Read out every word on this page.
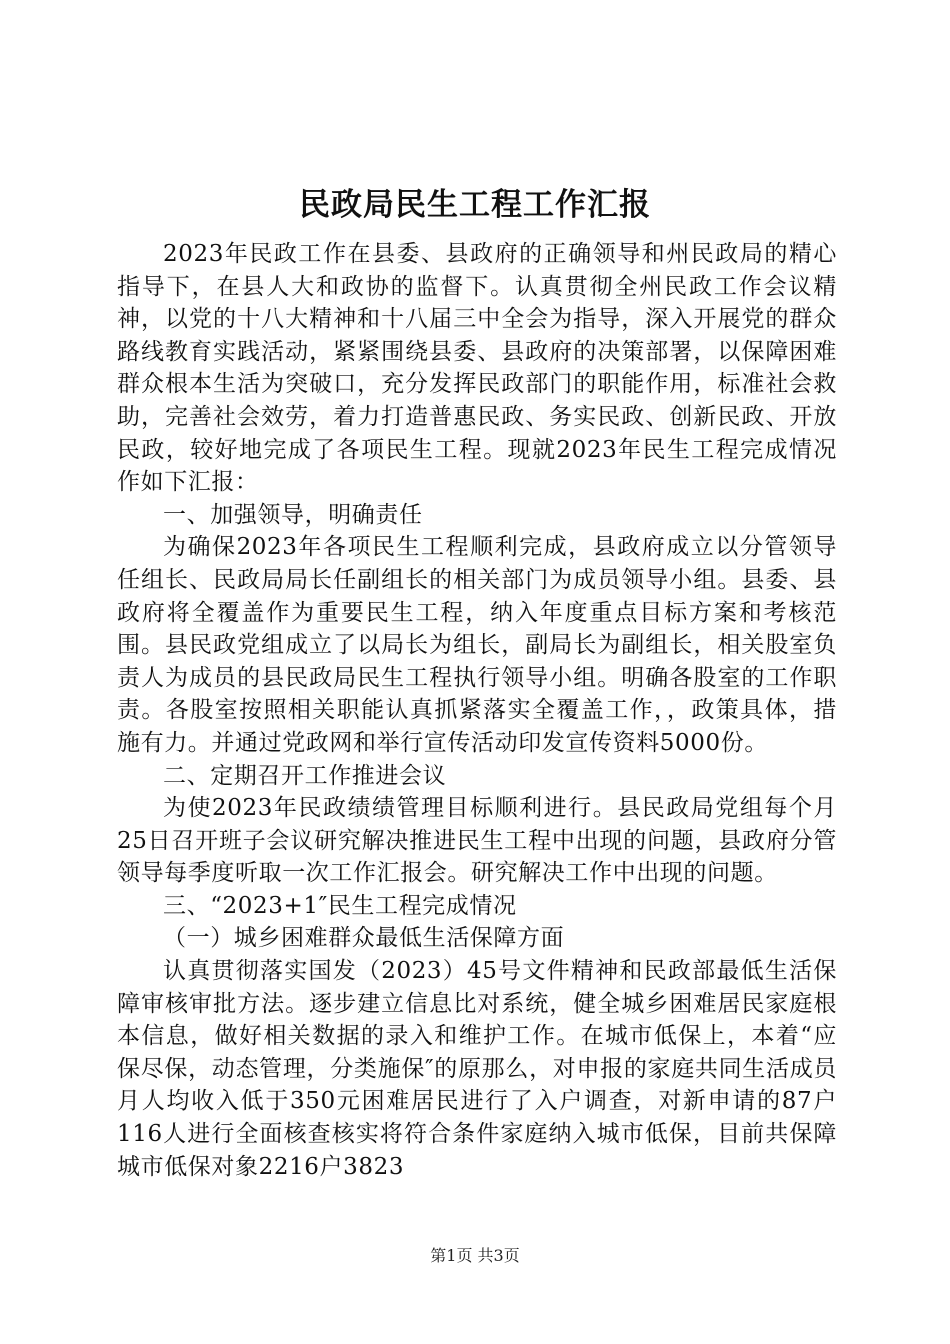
民政局民生工程工作汇报

2023年民政工作在县委、县政府的正确领导和州民政局的精心指导下，在县人大和政协的监督下。认真贯彻全州民政工作会议精神，以党的十八大精神和十八届三中全会为指导，深入开展党的群众路线教育实践活动，紧紧围绕县委、县政府的决策部署，以保障困难群众根本生活为突破口，充分发挥民政部门的职能作用，标准社会救助，完善社会效劳，着力打造普惠民政、务实民政、创新民政、开放民政，较好地完成了各项民生工程。现就2023年民生工程完成情况作如下汇报：

一、加强领导，明确责任

为确保2023年各项民生工程顺利完成，县政府成立以分管领导任组长、民政局局长任副组长的相关部门为成员领导小组。县委、县政府将全覆盖作为重要民生工程，纳入年度重点目标方案和考核范围。县民政党组成立了以局长为组长，副局长为副组长，相关股室负责人为成员的县民政局民生工程执行领导小组。明确各股室的工作职责。各股室按照相关职能认真抓紧落实全覆盖工作，，政策具体，措施有力。并通过党政网和举行宣传活动印发宣传资料5000份。

二、定期召开工作推进会议

为使2023年民政绩绩管理目标顺利进行。县民政局党组每个月25日召开班子会议研究解决推进民生工程中出现的问题，县政府分管领导每季度听取一次工作汇报会。研究解决工作中出现的问题。

三、“2023+1″民生工程完成情况

（一）城乡困难群众最低生活保障方面

认真贯彻落实国发（2023）45号文件精神和民政部最低生活保障审核审批方法。逐步建立信息比对系统，健全城乡困难居民家庭根本信息，做好相关数据的录入和维护工作。在城市低保上，本着“应保尽保，动态管理，分类施保″的原那么，对申报的家庭共同生活成员月人均收入低于350元困难居民进行了入户调查，对新申请的87户116人进行全面核查核实将符合条件家庭纳入城市低保，目前共保障城市低保对象2216户3823

第1页 共3页
